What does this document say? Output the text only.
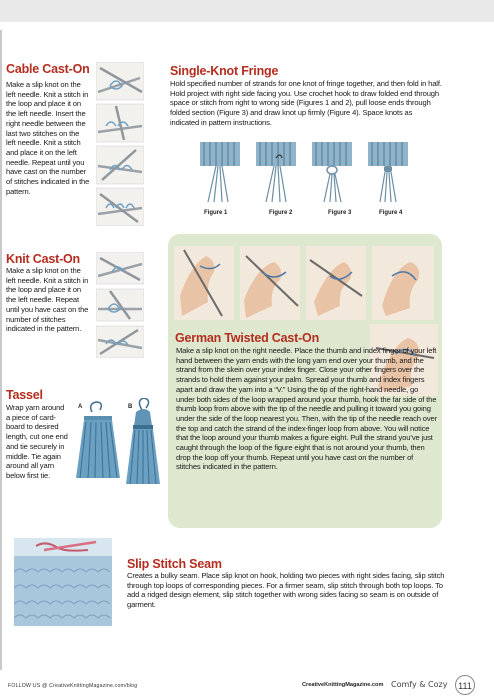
Cable Cast-On
Make a slip knot on the left needle. Knit a stitch in the loop and place it on the left needle. Insert the right needle between the last two stitches on the left needle. Knit a stitch and place it on the left needle. Repeat until you have cast on the number of stitches indicated in the pattern.
Knit Cast-On
Make a slip knot on the left needle. Knit a stitch in the loop and place it on the left needle. Repeat until you have cast on the number of stitches indicated in the pattern.
Tassel
Wrap yarn around a piece of card-board to desired length, cut one end and tie securely in middle. Tie again around all yarn below first tie.
A	B
Single-Knot Fringe
Hold specified number of strands for one knot of fringe together, and then fold in half. Hold project with right side facing you. Use crochet hook to draw folded end through space or stitch from right to wrong side (Figures 1 and 2), pull loose ends through folded section (Figure 3) and draw knot up firmly (Figure 4). Space knots as indicated in pattern instructions.
Figure 1	Figure 2	Figure 3	Figure 4
German Twisted Cast-On
Make a slip knot on the right needle. Place the thumb and index finger of your left hand between the yarn ends with the long yarn end over your thumb, and the strand from the skein over your index finger. Close your other fingers over the strands to hold them against your palm. Spread your thumb and index fingers apart and draw the yarn into a “V.” Using the tip of the right-hand needle, go under both sides of the loop wrapped around your thumb, hook the far side of the thumb loop from above with the tip of the needle and pulling it toward you going under the side of the loop nearest you. Then, with the tip of the needle reach over the top and catch the strand of the index-finger loop from above. You will notice that the loop around your thumb makes a figure eight. Pull the strand you’ve just caught through the loop of the figure eight that is not around your thumb, then drop the loop off your thumb. Repeat until you have cast on the number of stitches indicated in the pattern.
Slip Stitch Seam
Creates a bulky seam. Place slip knot on hook, holding two pieces with right sides facing, slip stitch through top loops of corresponding pieces. For a firmer seam, slip stitch through both top loops. To add a ridged design element, slip stitch together with wrong sides facing so seam is on outside of garment.
FOLLOW US @ CreativeKnittingMagazine.com/blog	CreativeKnittingMagazine.com Comfy & Cozy	111
